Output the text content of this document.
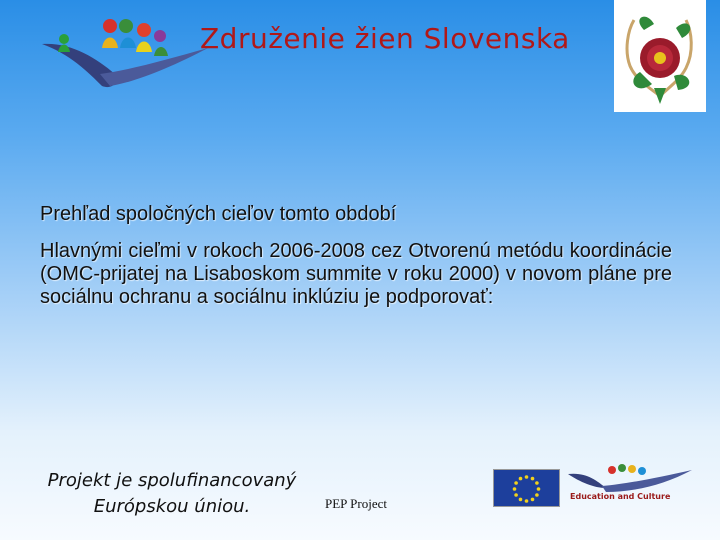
Združenie žien Slovenska
Prehľad spoločných cieľov tomto období
Hlavnými cieľmi v rokoch 2006-2008 cez Otvorenú metódu koordinácie (OMC-prijatej na Lisaboskom summite v roku 2000) v novom pláne pre sociálnu ochranu a sociálnu inklúziu je podporovať:
Projekt je spolufinancovaný
Európskou úniou.	PEP Project	Education and Culture
